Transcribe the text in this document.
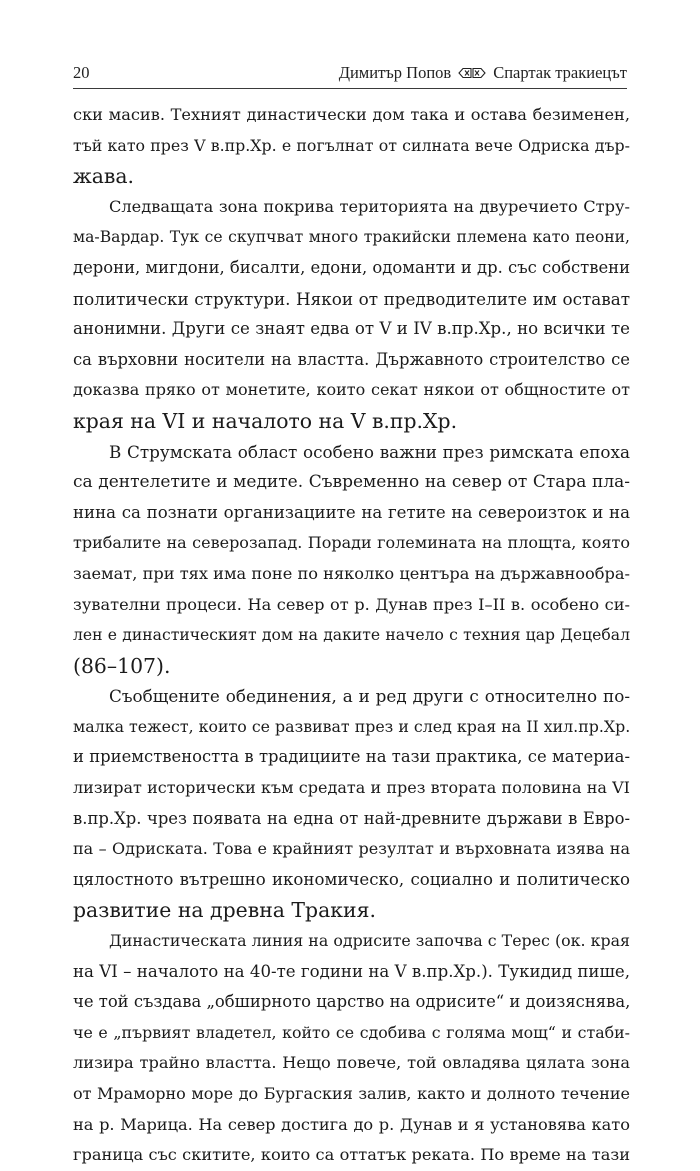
20	Димитър Попов	Спартак тракиецът
ски масив. Техният династически дом така и остава безименен,
тъй като през V в.пр.Хр. е погълнат от силната вече Одриска дър-
жава.
Следващата зона покрива територията на двуречието Стру-
ма-Вардар. Тук се скупчват много тракийски племена като пеони,
дерони, мигдони, бисалти, едони, одоманти и др. със собствени
политически структури. Някои от предводителите им остават
анонимни. Други се знаят едва от V и IV в.пр.Хр., но всички те
са върховни носители на властта. Държавното строителство се
доказва пряко от монетите, които секат някои от общностите от
края на VI и началото на V в.пр.Хр.
В Струмската област особено важни през римската епоха
са дентелетите и медите. Съвременно на север от Стара пла-
нина са познати организациите на гетите на североизток и на
трибалите на северозапад. Поради големината на площта, която
заемат, при тях има поне по няколко центъра на държавнообра-
зувателни процеси. На север от р. Дунав през I–II в. особено си-
лен е династическият дом на даките начело с техния цар Децебал
(86–107).
Съобщените обединения, а и ред други с относително по-
малка тежест, които се развиват през и след края на II хил.пр.Хр.
и приемствеността в традициите на тази практика, се материа-
лизират исторически към средата и през втората половина на VI
в.пр.Хр. чрез появата на една от най-древните държави в Евро-
па – Одриската. Това е крайният резултат и върховната изява на
цялостното вътрешно икономическо, социално и политическо
развитие на древна Тракия.
Династическата линия на одрисите започва с Терес (ок. края
на VI – началото на 40-те години на V в.пр.Хр.). Тукидид пише,
че той създава „обширното царство на одрисите“ и доизяснява,
че е „първият владетел, който се сдобива с голяма мощ“ и стаби-
лизира трайно властта. Нещо повече, той овладява цялата зона
от Мраморно море до Бургаския залив, както и долното течение
на р. Марица. На север достига до р. Дунав и я установява като
граница със скитите, които са оттатък реката. По време на тази
